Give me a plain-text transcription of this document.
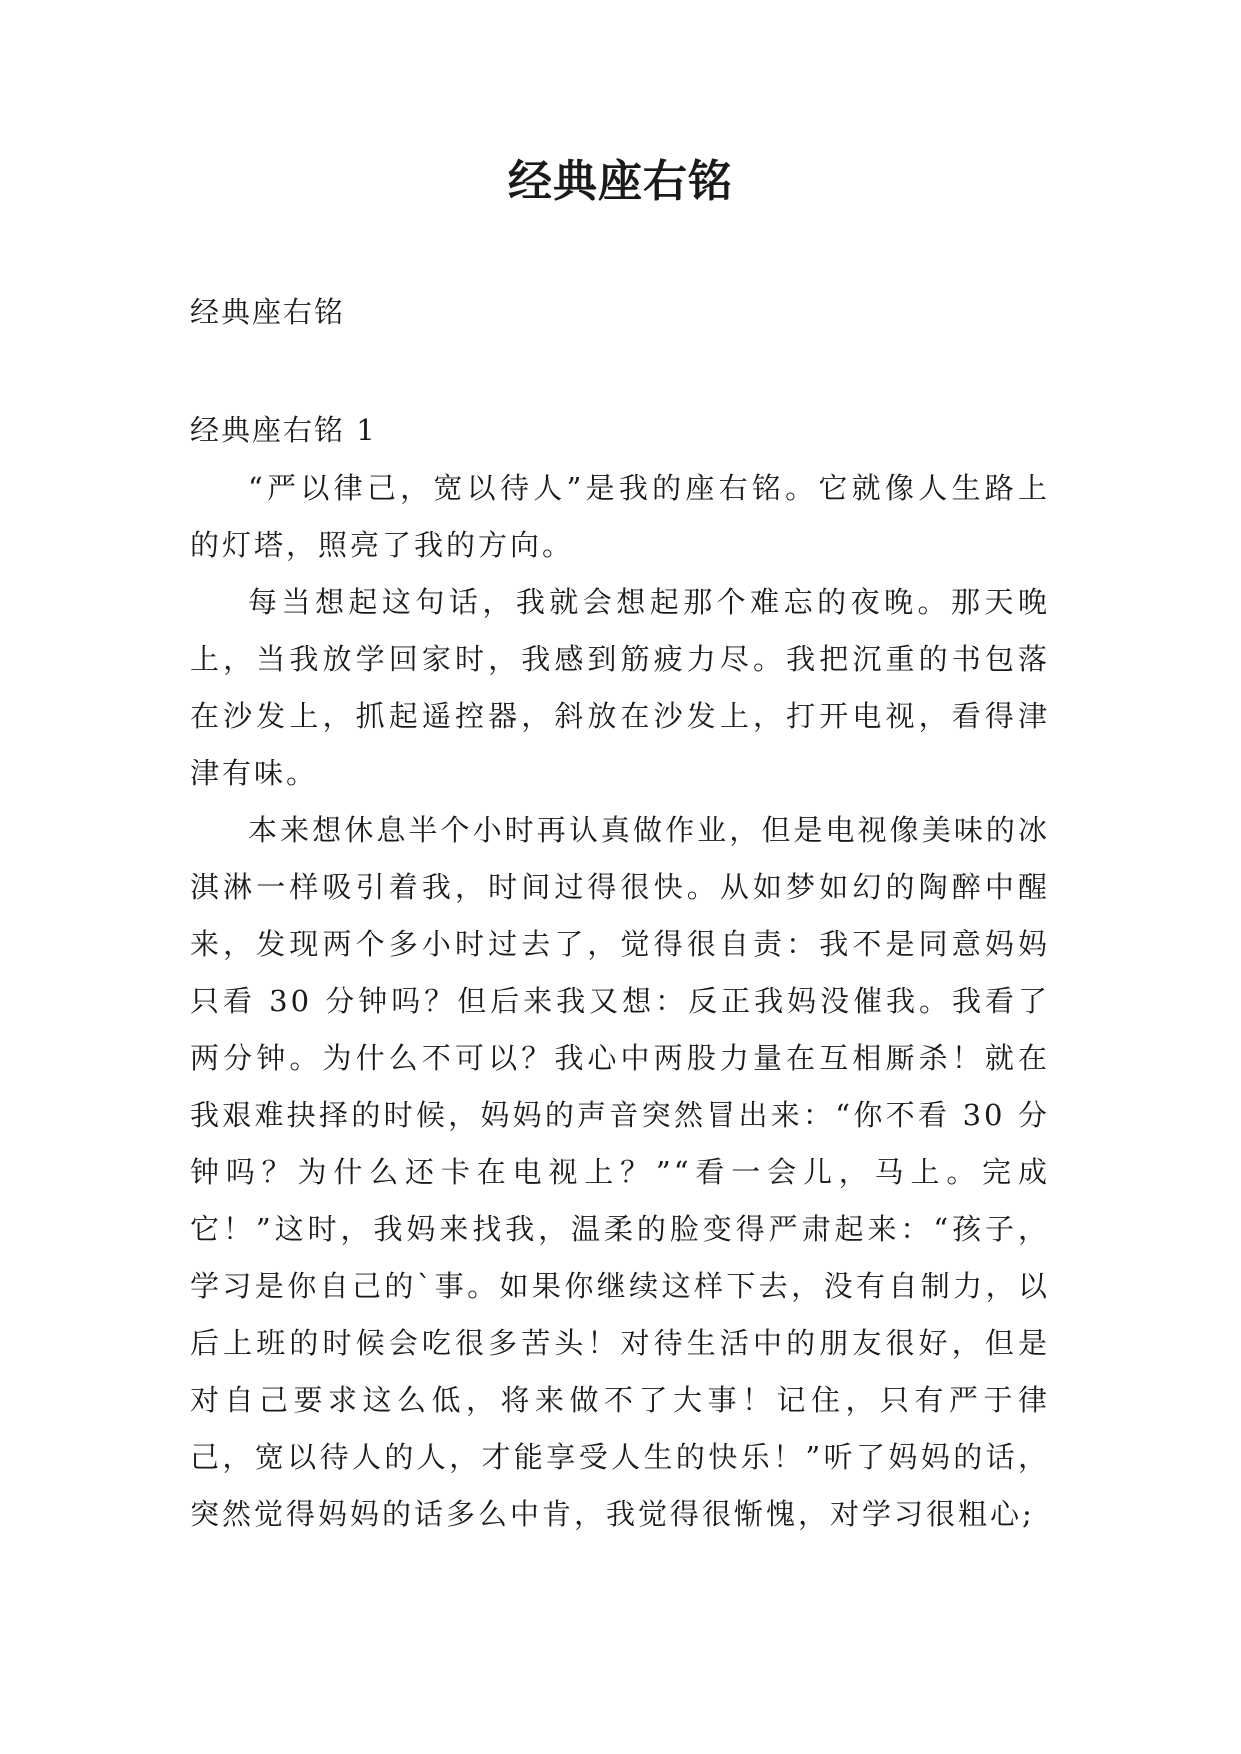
经典座右铭

经典座右铭

经典座右铭 1

“严以律己，宽以待人”是我的座右铭。它就像人生路上的灯塔，照亮了我的方向。

每当想起这句话，我就会想起那个难忘的夜晚。那天晚上，当我放学回家时，我感到筋疲力尽。我把沉重的书包落在沙发上，抓起遥控器，斜放在沙发上，打开电视，看得津津有味。

本来想休息半个小时再认真做作业，但是电视像美味的冰淇淋一样吸引着我，时间过得很快。从如梦如幻的陶醉中醒来，发现两个多小时过去了，觉得很自责：我不是同意妈妈只看 30 分钟吗？但后来我又想：反正我妈没催我。我看了两分钟。为什么不可以？我心中两股力量在互相厮杀！就在我艰难抉择的时候，妈妈的声音突然冒出来：“你不看 30 分钟吗？为什么还卡在电视上？”“看一会儿，马上。完成它！”这时，我妈来找我，温柔的脸变得严肃起来：“孩子，学习是你自己的`事。如果你继续这样下去，没有自制力，以后上班的时候会吃很多苦头！对待生活中的朋友很好，但是对自己要求这么低，将来做不了大事！记住，只有严于律己，宽以待人的人，才能享受人生的快乐！”听了妈妈的话，突然觉得妈妈的话多么中肯，我觉得很惭愧，对学习很粗心;
